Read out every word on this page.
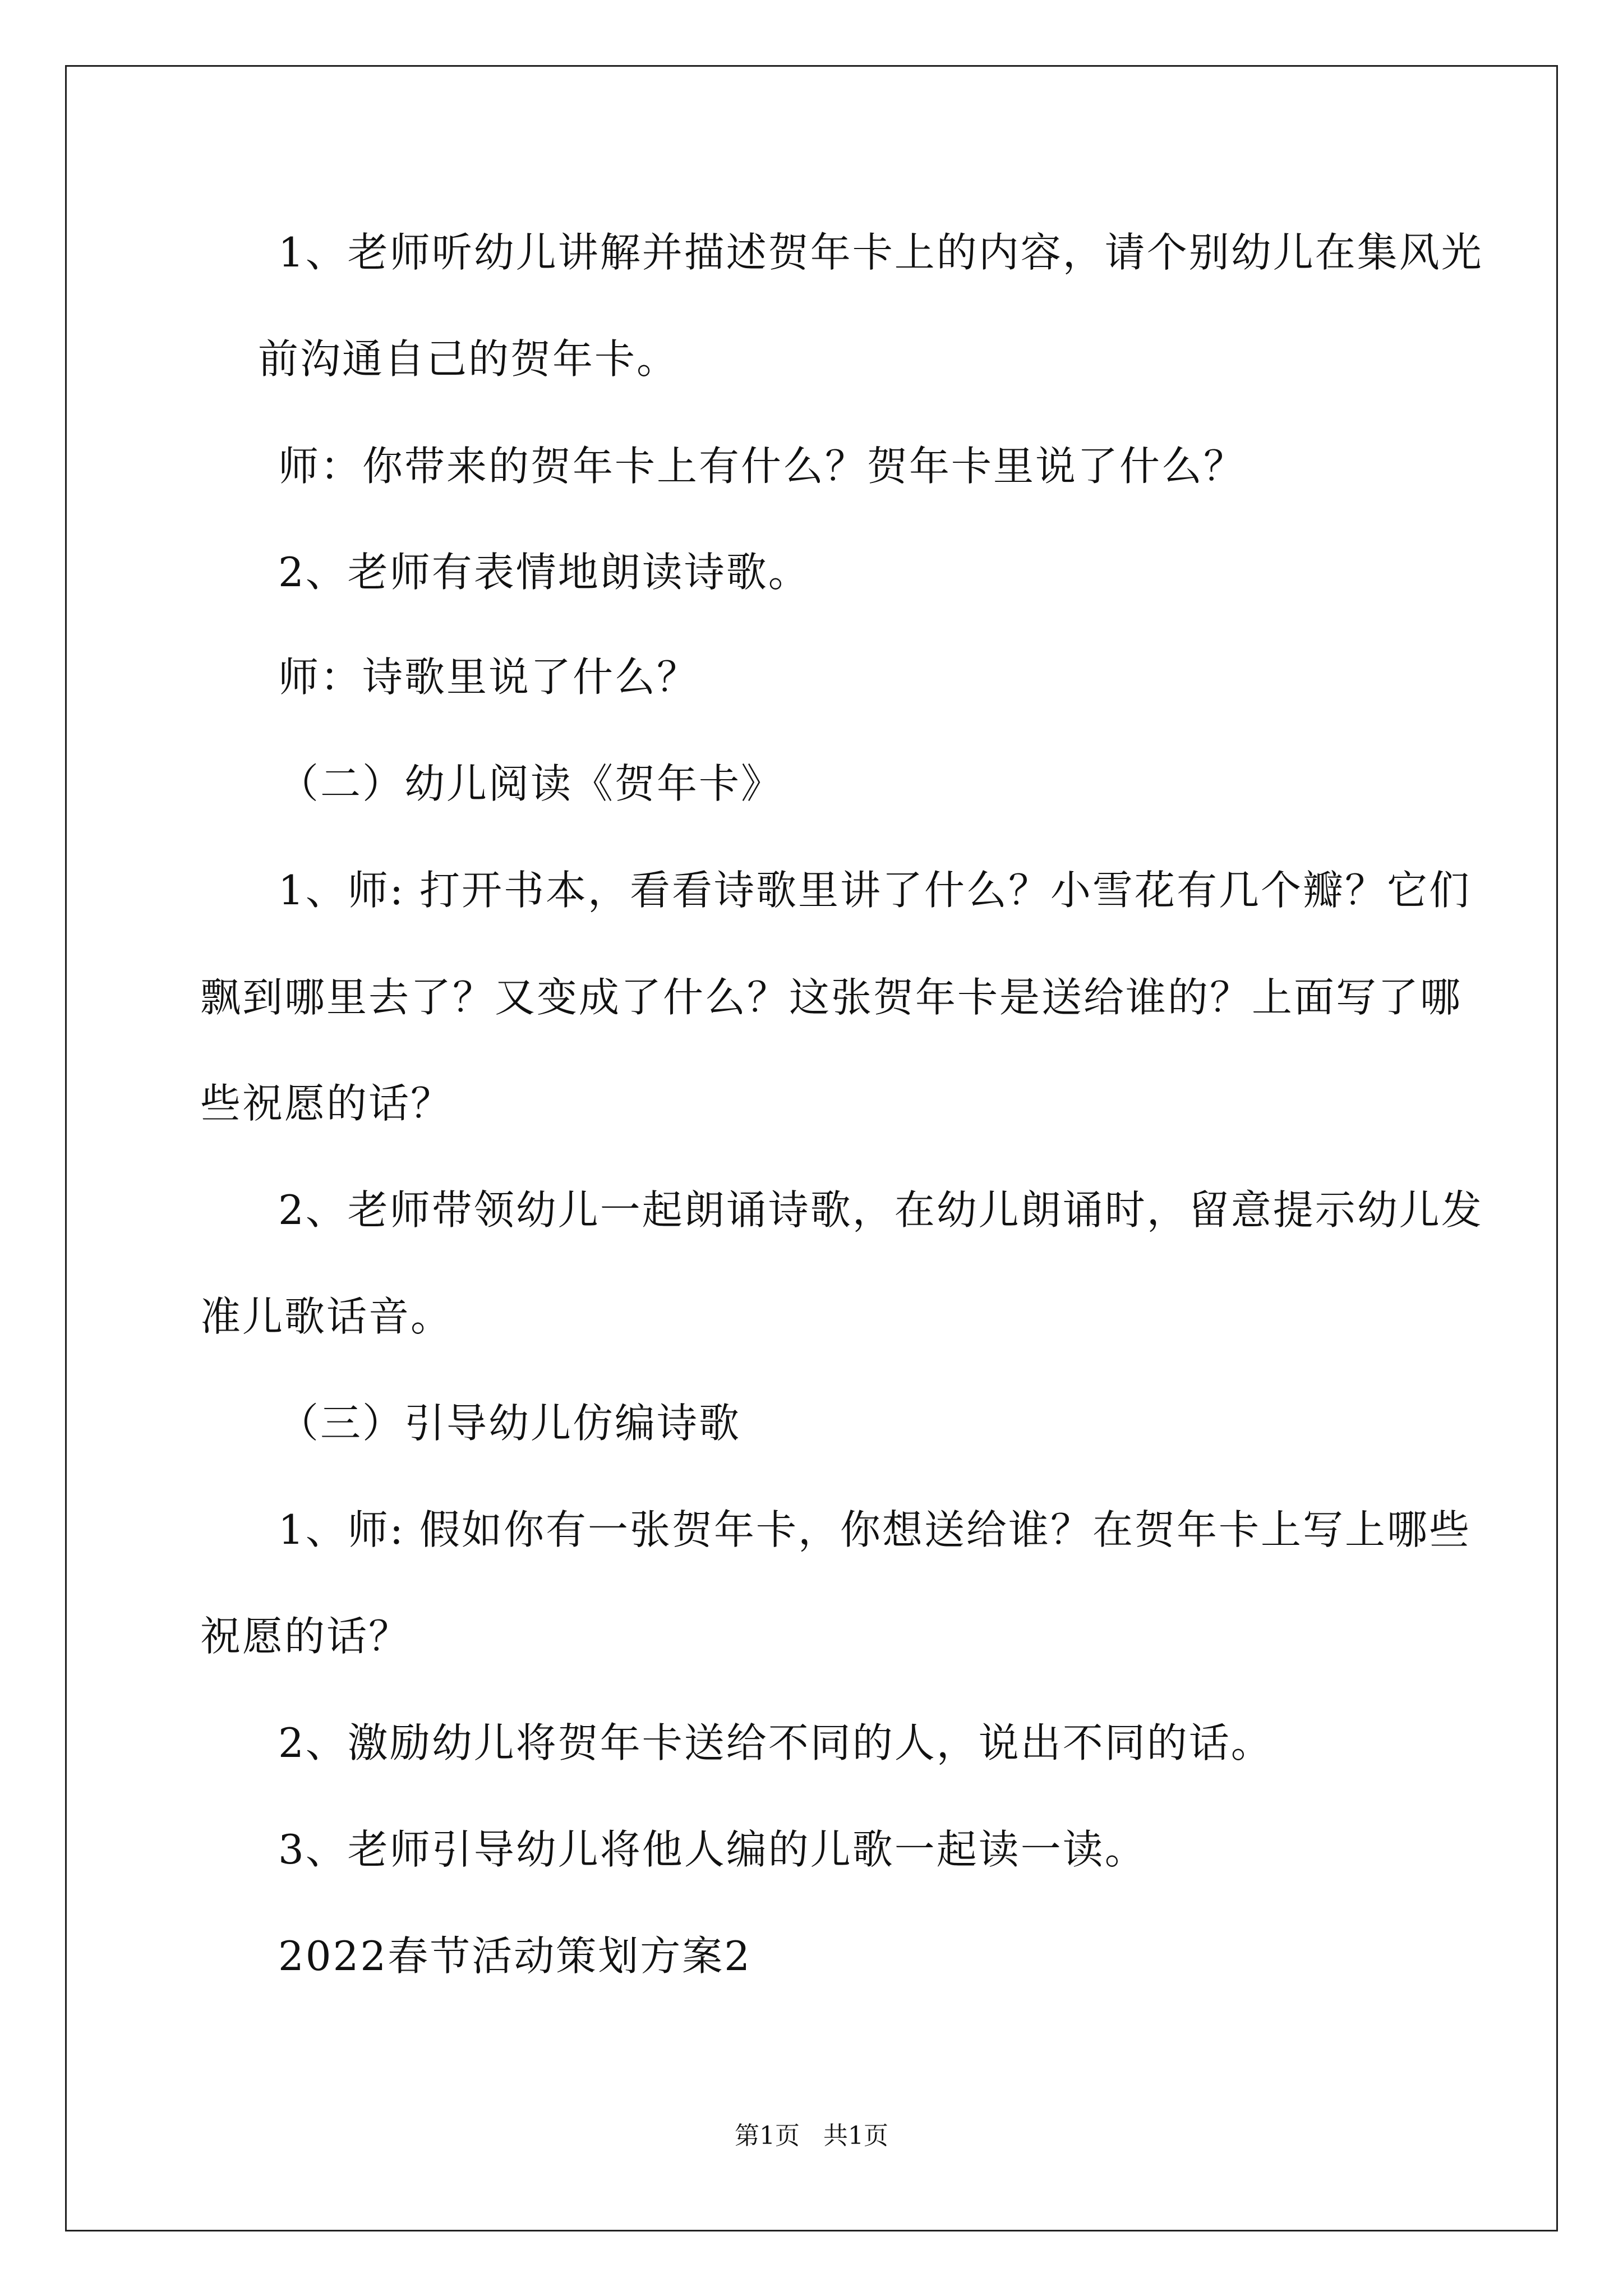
1、老师听幼儿讲解并描述贺年卡上的内容，请个别幼儿在集风光
前沟通自己的贺年卡。
师：你带来的贺年卡上有什么？贺年卡里说了什么？
2、老师有表情地朗读诗歌。
师：诗歌里说了什么？
（二）幼儿阅读《贺年卡》
1、师: 打开书本，看看诗歌里讲了什么？小雪花有几个瓣？它们
飘到哪里去了？又变成了什么？这张贺年卡是送给谁的？上面写了哪
些祝愿的话？
2、老师带领幼儿一起朗诵诗歌，在幼儿朗诵时，留意提示幼儿发
准儿歌话音。
（三）引导幼儿仿编诗歌
1、师: 假如你有一张贺年卡，你想送给谁？在贺年卡上写上哪些
祝愿的话？
2、激励幼儿将贺年卡送给不同的人，说出不同的话。
3、老师引导幼儿将他人编的儿歌一起读一读。
2022春节活动策划方案2
第1页   共1页
